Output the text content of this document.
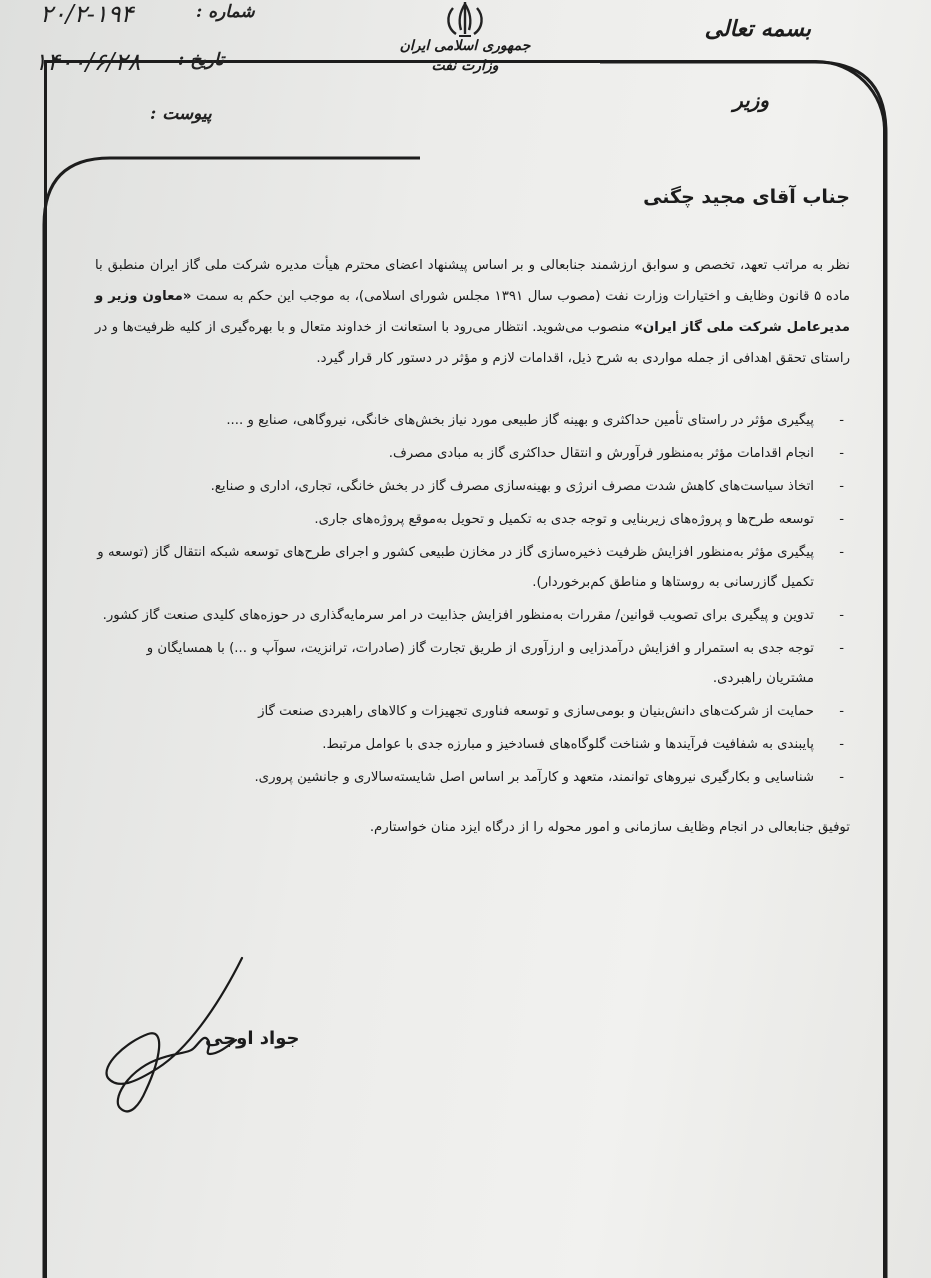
جمهوری اسلامی ایران
وزارت نفت
بسمه تعالی
وزیر
شماره :
۲۰/۲-۱۹۴
تاریخ :
۱۴۰۰/۶/۲۸
پیوست :
جناب آقای مجید چگنی

نظر به مراتب تعهد، تخصص و سوابق ارزشمند جنابعالی و بر اساس پیشنهاد اعضای محترم هیأت مدیره شرکت ملی گاز ایران منطبق با ماده ۵ قانون وظایف و اختیارات وزارت نفت (مصوب سال ۱۳۹۱ مجلس شورای اسلامی)، به موجب این حکم به سمت «معاون وزیر و مدیرعامل شرکت ملی گاز ایران» منصوب می‌شوید. انتظار می‌رود با استعانت از خداوند متعال و با بهره‌گیری از کلیه ظرفیت‌ها و در راستای تحقق اهدافی از جمله مواردی به شرح ذیل، اقدامات لازم و مؤثر در دستور کار قرار گیرد.

-
پیگیری مؤثر در راستای تأمین حداکثری و بهینه گاز طبیعی مورد نیاز بخش‌های خانگی، نیروگاهی، صنایع و ....
-
انجام اقدامات مؤثر به‌منظور فرآورش و انتقال حداکثری گاز به مبادی مصرف.
-
اتخاذ سیاست‌های کاهش شدت مصرف انرژی و بهینه‌سازی مصرف گاز در بخش خانگی، تجاری، اداری و صنایع.
-
توسعه طرح‌ها و پروژه‌های زیربنایی و توجه جدی به تکمیل و تحویل به‌موقع پروژه‌های جاری.
-
پیگیری مؤثر به‌منظور افزایش ظرفیت ذخیره‌سازی گاز در مخازن طبیعی کشور و اجرای طرح‌های توسعه شبکه انتقال گاز (توسعه و تکمیل گازرسانی به روستاها و مناطق کم‌برخوردار).
-
تدوین و پیگیری برای تصویب قوانین/ مقررات به‌منظور افزایش جذابیت در امر سرمایه‌گذاری در حوزه‌های کلیدی صنعت گاز کشور.
-
توجه جدی به استمرار و افزایش درآمدزایی و ارزآوری از طریق تجارت گاز (صادرات، ترانزیت، سوآپ و ...) با همسایگان و مشتریان راهبردی.
-
حمایت از شرکت‌های دانش‌بنیان و بومی‌سازی و توسعه فناوری تجهیزات و کالاهای راهبردی صنعت گاز
-
پایبندی به شفافیت فرآیندها و شناخت گلوگاه‌های فسادخیز و مبارزه جدی با عوامل مرتبط.
-
شناسایی و بکارگیری نیروهای توانمند، متعهد و کارآمد بر اساس اصل شایسته‌سالاری و جانشین پروری.

توفیق جنابعالی در انجام وظایف سازمانی و امور محوله را از درگاه ایزد منان خواستارم.

جواد اوجی
